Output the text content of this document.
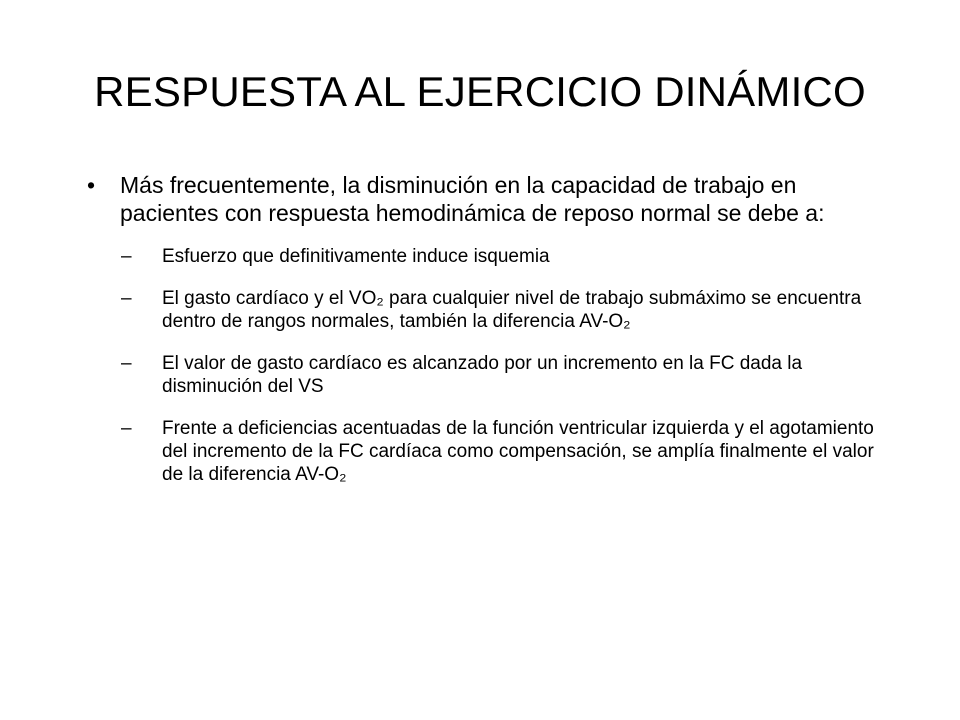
RESPUESTA AL EJERCICIO DINÁMICO
• Más frecuentemente, la disminución en la capacidad de trabajo en pacientes con respuesta hemodinámica de reposo normal se debe a:
– Esfuerzo que definitivamente induce isquemia
– El gasto cardíaco y el VO₂ para cualquier nivel de trabajo submáximo se encuentra dentro de rangos normales, también la diferencia AV-O₂
– El valor de gasto cardíaco es alcanzado por un incremento en la FC dada la disminución del VS
– Frente a deficiencias acentuadas de la función ventricular izquierda y el agotamiento del incremento de la FC cardíaca como compensación, se amplía finalmente el valor de la diferencia AV-O₂
